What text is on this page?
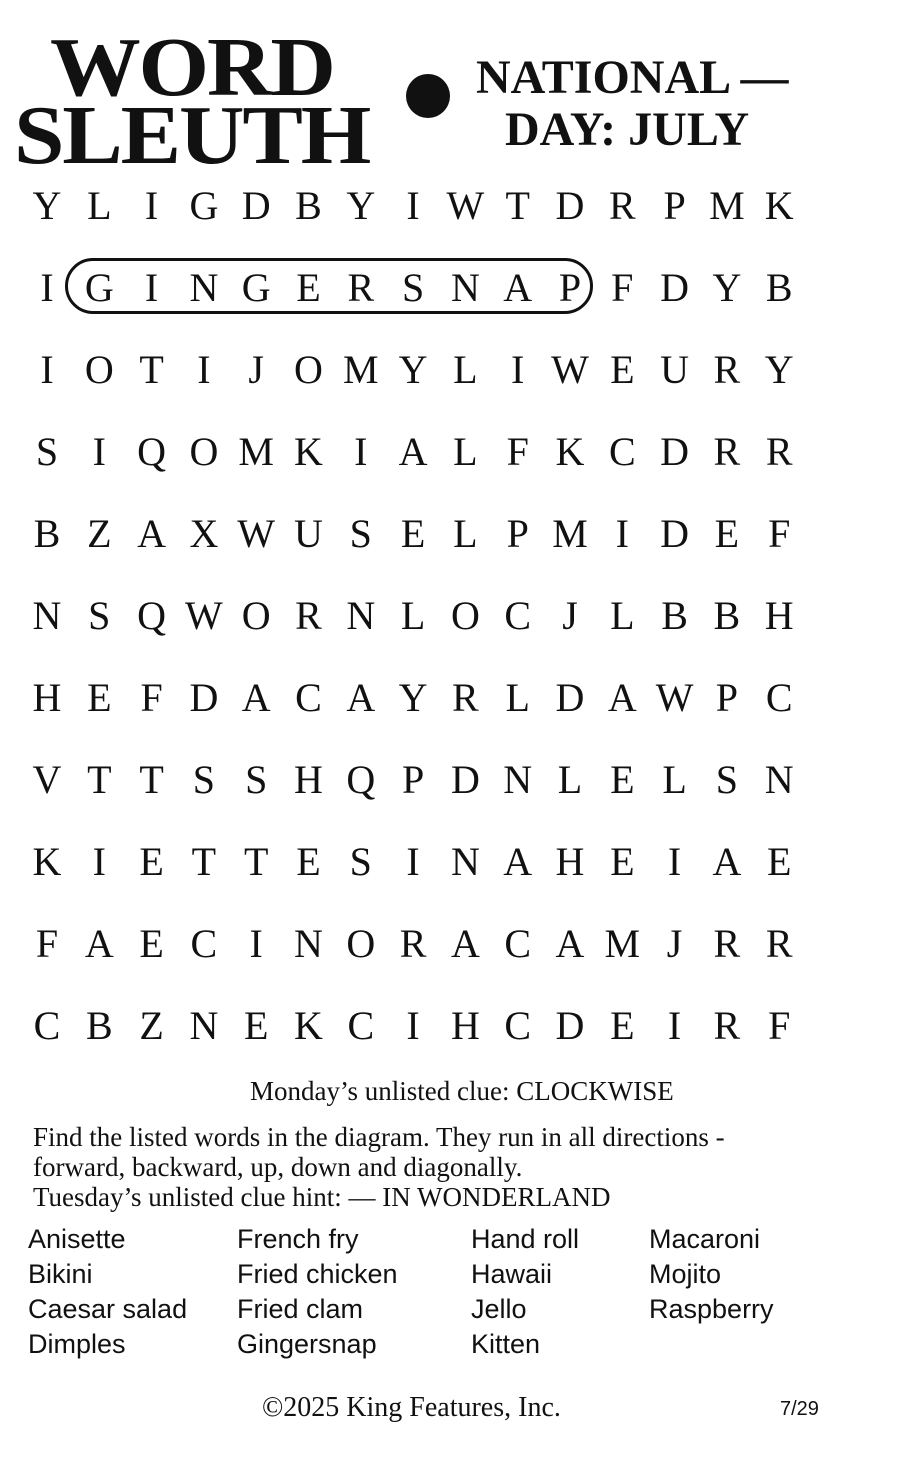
WORD
SLEUTH
NATIONAL —
DAY: JULY
Y L I G D B Y I W T D R P M K
I G I N G E R S N A P F D Y B
I O T I J O M Y L I W E U R Y
S I Q O M K I A L F K C D R R
B Z A X W U S E L P M I D E F
N S Q W O R N L O C J L B B H
H E F D A C A Y R L D A W P C
V T T S S H Q P D N L E L S N
K I E T T E S I N A H E I A E
F A E C I N O R A C A M J R R
C B Z N E K C I H C D E I R F
Monday’s unlisted clue: CLOCKWISE
Find the listed words in the diagram. They run in all directions -
forward, backward, up, down and diagonally.
Tuesday’s unlisted clue hint: — IN WONDERLAND
Anisette
Bikini
Caesar salad
Dimples
French fry
Fried chicken
Fried clam
Gingersnap
Hand roll
Hawaii
Jello
Kitten
Macaroni
Mojito
Raspberry
©2025 King Features, Inc.	7/29
